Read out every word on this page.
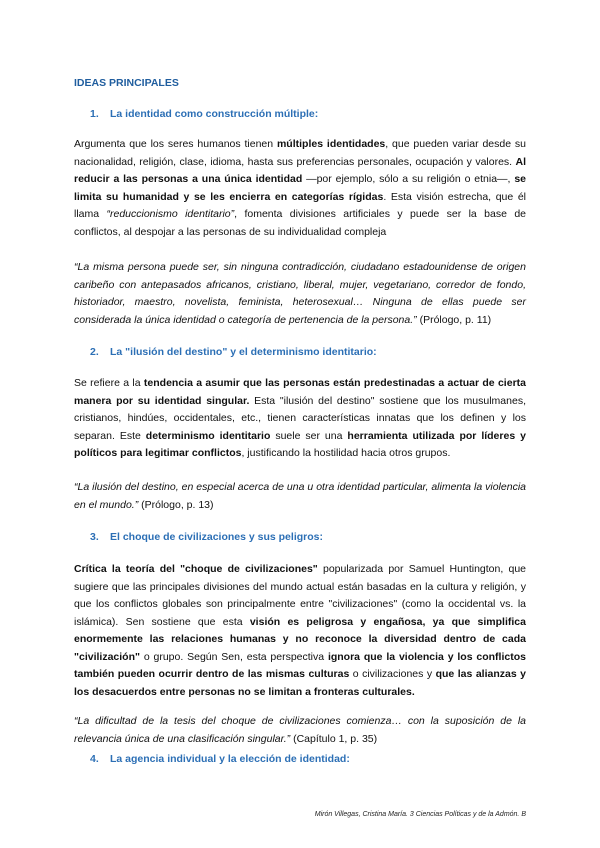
IDEAS PRINCIPALES
1. La identidad como construcción múltiple:

Argumenta que los seres humanos tienen múltiples identidades, que pueden variar desde su nacionalidad, religión, clase, idioma, hasta sus preferencias personales, ocupación y valores. Al reducir a las personas a una única identidad —por ejemplo, sólo a su religión o etnia—, se limita su humanidad y se les encierra en categorías rígidas. Esta visión estrecha, que él llama “reduccionismo identitario”, fomenta divisiones artificiales y puede ser la base de conflictos, al despojar a las personas de su individualidad compleja

“La misma persona puede ser, sin ninguna contradicción, ciudadano estadounidense de origen caribeño con antepasados africanos, cristiano, liberal, mujer, vegetariano, corredor de fondo, historiador, maestro, novelista, feminista, heterosexual… Ninguna de ellas puede ser considerada la única identidad o categoría de pertenencia de la persona.” (Prólogo, p. 11)

2. La "ilusión del destino" y el determinismo identitario:

Se refiere a la tendencia a asumir que las personas están predestinadas a actuar de cierta manera por su identidad singular. Esta "ilusión del destino" sostiene que los musulmanes, cristianos, hindúes, occidentales, etc., tienen características innatas que los definen y los separan. Este determinismo identitario suele ser una herramienta utilizada por líderes y políticos para legitimar conflictos, justificando la hostilidad hacia otros grupos.

“La ilusión del destino, en especial acerca de una u otra identidad particular, alimenta la violencia en el mundo.” (Prólogo, p. 13)

3. El choque de civilizaciones y sus peligros:

Crítica la teoría del "choque de civilizaciones" popularizada por Samuel Huntington, que sugiere que las principales divisiones del mundo actual están basadas en la cultura y religión, y que los conflictos globales son principalmente entre "civilizaciones" (como la occidental vs. la islámica). Sen sostiene que esta visión es peligrosa y engañosa, ya que simplifica enormemente las relaciones humanas y no reconoce la diversidad dentro de cada "civilización" o grupo. Según Sen, esta perspectiva ignora que la violencia y los conflictos también pueden ocurrir dentro de las mismas culturas o civilizaciones y que las alianzas y los desacuerdos entre personas no se limitan a fronteras culturales.

“La dificultad de la tesis del choque de civilizaciones comienza… con la suposición de la relevancia única de una clasificación singular.” (Capítulo 1, p. 35)

4. La agencia individual y la elección de identidad:
Mirón Villegas, Cristina María. 3 Ciencias Políticas y de la Admón. B
